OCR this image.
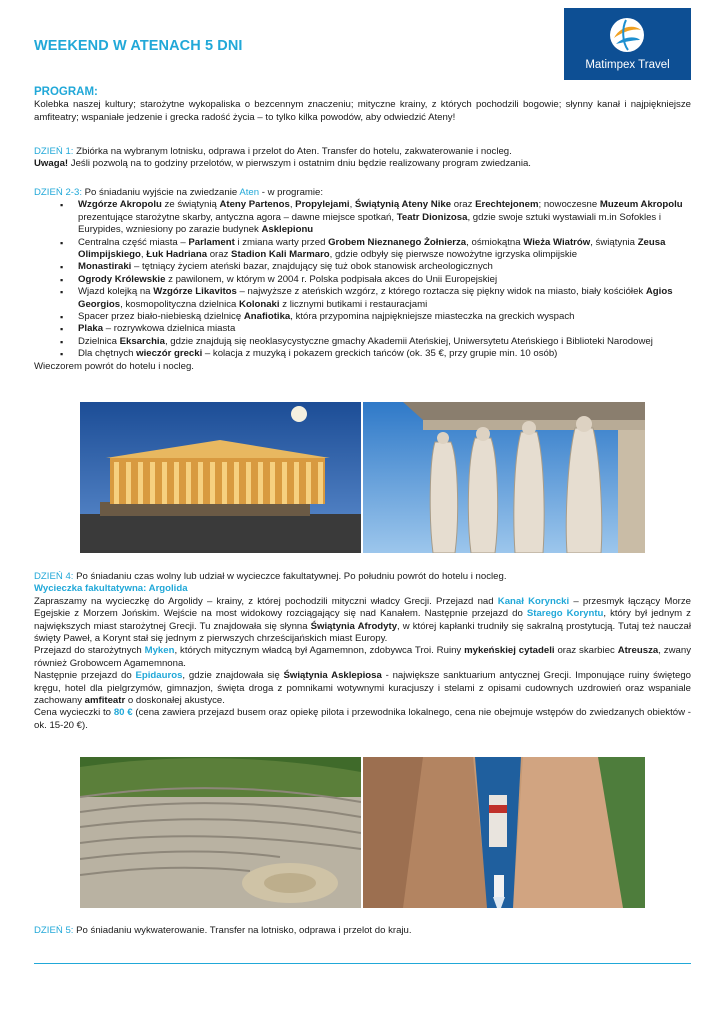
WEEKEND W ATENACH 5 DNI
Matimpex Travel
PROGRAM:
Kolebka naszej kultury; starożytne wykopaliska o bezcennym znaczeniu; mityczne krainy, z których pochodzili bogowie; słynny kanał i najpiękniejsze amfiteatry; wspaniałe jedzenie i grecka radość życia – to tylko kilka powodów, aby odwiedzić Ateny!
DZIEŃ 1: Zbiórka na wybranym lotnisku, odprawa i przelot do Aten. Transfer do hotelu, zakwaterowanie i nocleg.
Uwaga! Jeśli pozwolą na to godziny przelotów, w pierwszym i ostatnim dniu będzie realizowany program zwiedzania.
DZIEŃ 2-3: Po śniadaniu wyjście na zwiedzanie Aten - w programie:
▪ Wzgórze Akropolu ze świątynią Ateny Partenos, Propylejami, Świątynią Ateny Nike oraz Erechtejonem; nowoczesne Muzeum Akropolu prezentujące starożytne skarby, antyczna agora – dawne miejsce spotkań, Teatr Dionizosa, gdzie swoje sztuki wystawiali m.in Sofokles i Eurypides, wzniesiony po zarazie budynek Asklepionu
▪ Centralna część miasta – Parlament i zmiana warty przed Grobem Nieznanego Żołnierza, ośmiokątna Wieża Wiatrów, świątynia Zeusa Olimpijskiego, Łuk Hadriana oraz Stadion Kali Marmaro, gdzie odbyły się pierwsze nowożytne igrzyska olimpijskie
▪ Monastiraki – tętniący życiem ateński bazar, znajdujący się tuż obok stanowisk archeologicznych
▪ Ogrody Królewskie z pawilonem, w którym w 2004 r. Polska podpisała akces do Unii Europejskiej
▪ Wjazd kolejką na Wzgórze Likavitos – najwyższe z ateńskich wzgórz, z którego roztacza się piękny widok na miasto, biały kościółek Agios Georgios, kosmopolityczna dzielnica Kolonaki z licznymi butikami i restauracjami
▪ Spacer przez biało-niebieską dzielnicę Anafiotika, która przypomina najpiękniejsze miasteczka na greckich wyspach
▪ Plaka – rozrywkowa dzielnica miasta
▪ Dzielnica Eksarchia, gdzie znajdują się neoklasycystyczne gmachy Akademii Ateńskiej, Uniwersytetu Ateńskiego i Biblioteki Narodowej
▪ Dla chętnych wieczór grecki – kolacja z muzyką i pokazem greckich tańców (ok. 35 €, przy grupie min. 10 osób)
Wieczorem powrót do hotelu i nocleg.
DZIEŃ 4: Po śniadaniu czas wolny lub udział w wycieczce fakultatywnej. Po południu powrót do hotelu i nocleg.
Wycieczka fakultatywna: Argolida
Zapraszamy na wycieczkę do Argolidy – krainy, z której pochodzili mityczni władcy Grecji. Przejazd nad Kanał Koryncki – przesmyk łączący Morze Egejskie z Morzem Jońskim. Wejście na most widokowy rozciągający się nad Kanałem. Następnie przejazd do Starego Koryntu, który był jednym z największych miast starożytnej Grecji. Tu znajdowała się słynna Świątynia Afrodyty, w której kapłanki trudniły się sakralną prostytucją. Tutaj też nauczał święty Paweł, a Korynt stał się jednym z pierwszych chrześcijańskich miast Europy.
Przejazd do starożytnych Myken, których mitycznym władcą był Agamemnon, zdobywca Troi. Ruiny mykeńskiej cytadeli oraz skarbiec Atreusza, zwany również Grobowcem Agamemnona.
Następnie przejazd do Epidauros, gdzie znajdowała się Świątynia Asklepiosa - największe sanktuarium antycznej Grecji. Imponujące ruiny świętego kręgu, hotel dla pielgrzymów, gimnazjon, święta droga z pomnikami wotywnymi kuracjuszy i stelami z opisami cudownych uzdrowień oraz wspaniale zachowany amfiteatr o doskonałej akustyce.
Cena wycieczki to 80 € (cena zawiera przejazd busem oraz opiekę pilota i przewodnika lokalnego, cena nie obejmuje wstępów do zwiedzanych obiektów - ok. 15-20 €).
DZIEŃ 5: Po śniadaniu wykwaterowanie. Transfer na lotnisko, odprawa i przelot do kraju.
